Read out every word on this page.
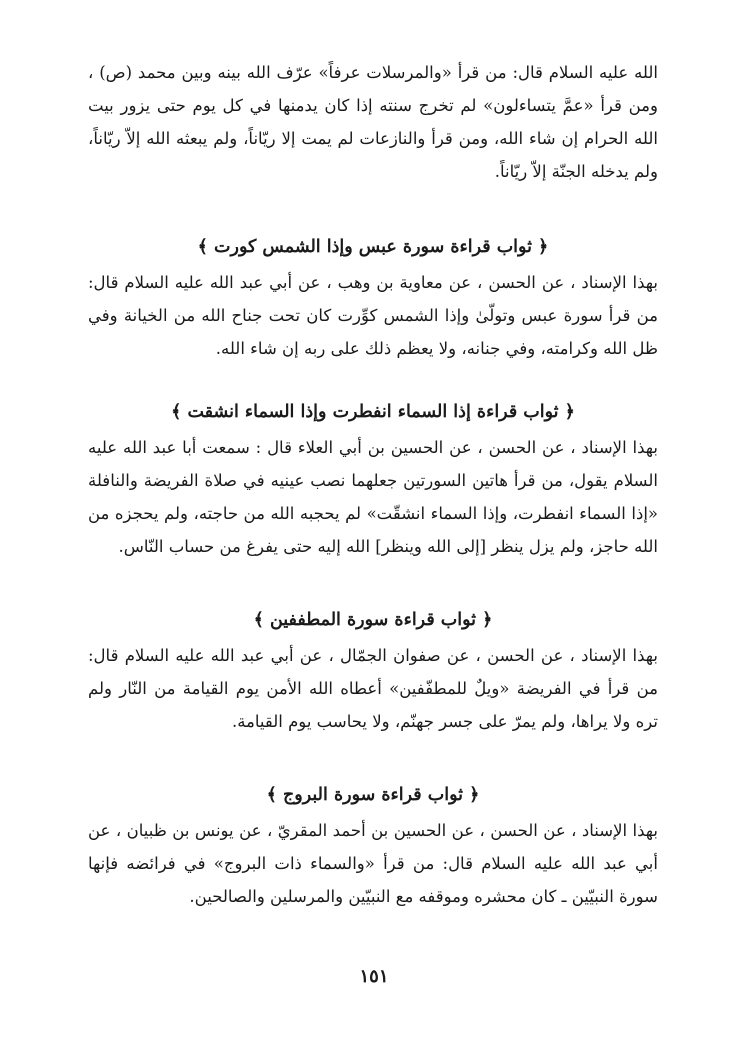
الله عليه السلام قال: من قرأ «والمرسلات عرفاً» عرّف الله بينه وبين محمد (ص) ، ومن قرأ «عمَّ يتساءلون» لم تخرج سنته إذا كان يدمنها في كل يوم حتى يزور بيت الله الحرام إن شاء الله، ومن قرأ والنازعات لم يمت إلا ريّاناً، ولم يبعثه الله إلاّ ريّاناً، ولم يدخله الجنّة إلاّ ريّاناً.

﴿ ثواب قراءة سورة عبس وإذا الشمس كورت ﴾

بهذا الإسناد ، عن الحسن ، عن معاوية بن وهب ، عن أبي عبد الله عليه السلام قال: من قرأ سورة عبس وتولّىٰ وإذا الشمس كوِّرت كان تحت جناح الله من الخيانة وفي ظل الله وكرامته، وفي جنانه، ولا يعظم ذلك على ربه إن شاء الله.

﴿ ثواب قراءة إذا السماء انفطرت وإذا السماء انشقت ﴾

بهذا الإسناد ، عن الحسن ، عن الحسين بن أبي العلاء قال : سمعت أبا عبد الله عليه السلام يقول، من قرأ هاتين السورتين جعلهما نصب عينيه في صلاة الفريضة والنافلة «إذا السماء انفطرت، وإذا السماء انشقّت» لم يحجبه الله من حاجته، ولم يحجزه من الله حاجز، ولم يزل ينظر [إلى الله وينظر] الله إليه حتى يفرغ من حساب النّاس.

﴿ ثواب قراءة سورة المطففين ﴾

بهذا الإسناد ، عن الحسن ، عن صفوان الجمّال ، عن أبي عبد الله عليه السلام قال: من قرأ في الفريضة «ويلٌ للمطفّفين» أعطاه الله الأمن يوم القيامة من النّار ولم تره ولا يراها، ولم يمرّ على جسر جهنّم، ولا يحاسب يوم القيامة.

﴿ ثواب قراءة سورة البروج ﴾

بهذا الإسناد ، عن الحسن ، عن الحسين بن أحمد المقريّ ، عن يونس بن ظبيان ، عن أبي عبد الله عليه السلام قال: من قرأ «والسماء ذات البروج» في فرائضه فإنها سورة النبيّين ـ كان محشره وموقفه مع النبيّين والمرسلين والصالحين.

١٥١
